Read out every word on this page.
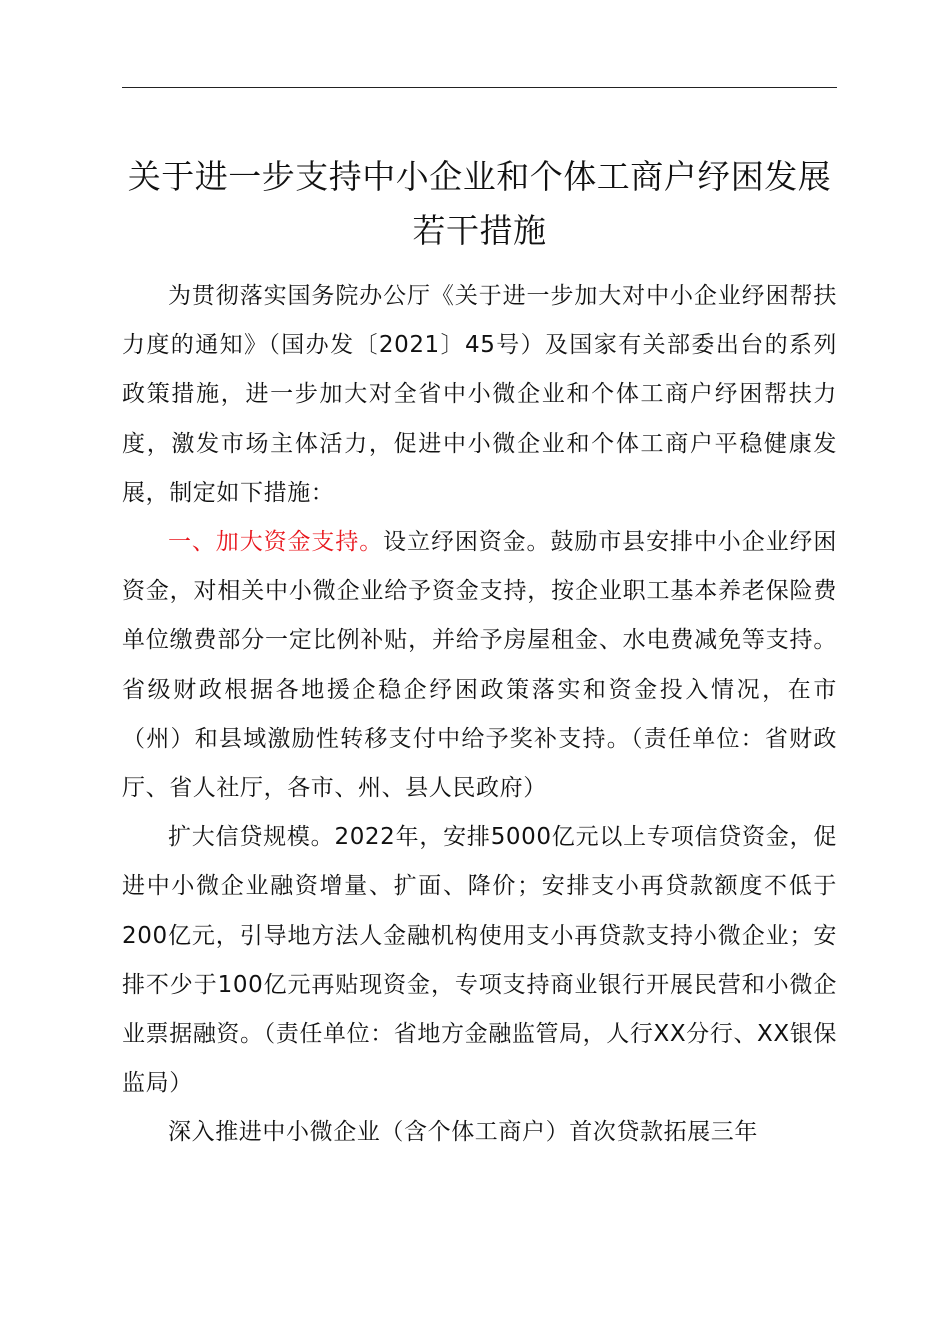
关于进一步支持中小企业和个体工商户纾困发展若干措施

为贯彻落实国务院办公厅《关于进一步加大对中小企业纾困帮扶力度的通知》（国办发〔2021〕45号）及国家有关部委出台的系列政策措施，进一步加大对全省中小微企业和个体工商户纾困帮扶力度，激发市场主体活力，促进中小微企业和个体工商户平稳健康发展，制定如下措施：

一、加大资金支持。设立纾困资金。鼓励市县安排中小企业纾困资金，对相关中小微企业给予资金支持，按企业职工基本养老保险费单位缴费部分一定比例补贴，并给予房屋租金、水电费减免等支持。省级财政根据各地援企稳企纾困政策落实和资金投入情况，在市（州）和县域激励性转移支付中给予奖补支持。（责任单位：省财政厅、省人社厅，各市、州、县人民政府）

扩大信贷规模。2022年，安排5000亿元以上专项信贷资金，促进中小微企业融资增量、扩面、降价；安排支小再贷款额度不低于200亿元，引导地方法人金融机构使用支小再贷款支持小微企业；安排不少于100亿元再贴现资金，专项支持商业银行开展民营和小微企业票据融资。（责任单位：省地方金融监管局，人行XX分行、XX银保监局）

深入推进中小微企业（含个体工商户）首次贷款拓展三年
